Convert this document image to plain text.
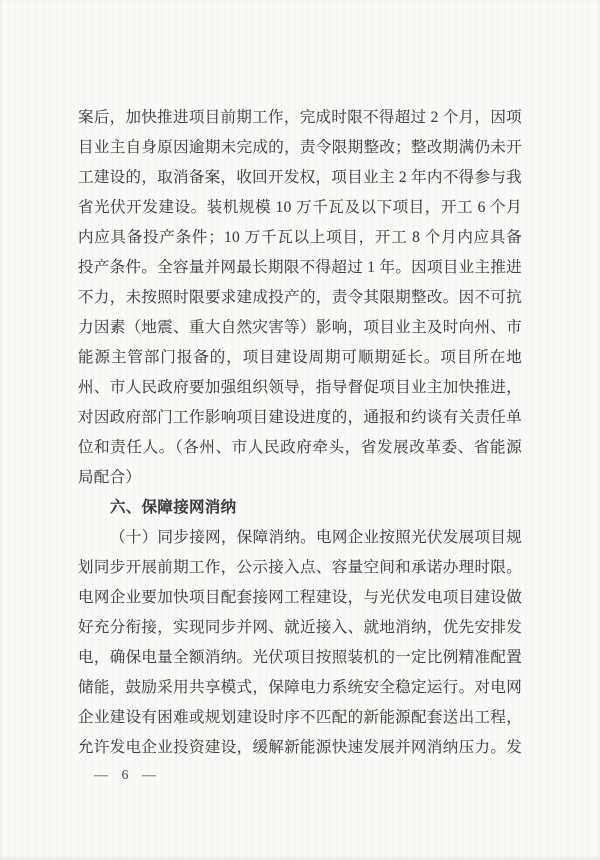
案后，加快推进项目前期工作，完成时限不得超过 2 个月，因项
目业主自身原因逾期未完成的，责令限期整改；整改期满仍未开
工建设的，取消备案，收回开发权，项目业主 2 年内不得参与我
省光伏开发建设。装机规模 10 万千瓦及以下项目，开工 6 个月
内应具备投产条件；10 万千瓦以上项目，开工 8 个月内应具备
投产条件。全容量并网最长期限不得超过 1 年。因项目业主推进
不力，未按照时限要求建成投产的，责令其限期整改。因不可抗
力因素（地震、重大自然灾害等）影响，项目业主及时向州、市
能源主管部门报备的，项目建设周期可顺期延长。项目所在地
州、市人民政府要加强组织领导，指导督促项目业主加快推进，
对因政府部门工作影响项目建设进度的，通报和约谈有关责任单
位和责任人。（各州、市人民政府牵头，省发展改革委、省能源
局配合）
六、保障接网消纳
（十）同步接网，保障消纳。电网企业按照光伏发展项目规
划同步开展前期工作，公示接入点、容量空间和承诺办理时限。
电网企业要加快项目配套接网工程建设，与光伏发电项目建设做
好充分衔接，实现同步并网、就近接入、就地消纳，优先安排发
电，确保电量全额消纳。光伏项目按照装机的一定比例精准配置
储能，鼓励采用共享模式，保障电力系统安全稳定运行。对电网
企业建设有困难或规划建设时序不匹配的新能源配套送出工程，
允许发电企业投资建设，缓解新能源快速发展并网消纳压力。发
— 6 —
